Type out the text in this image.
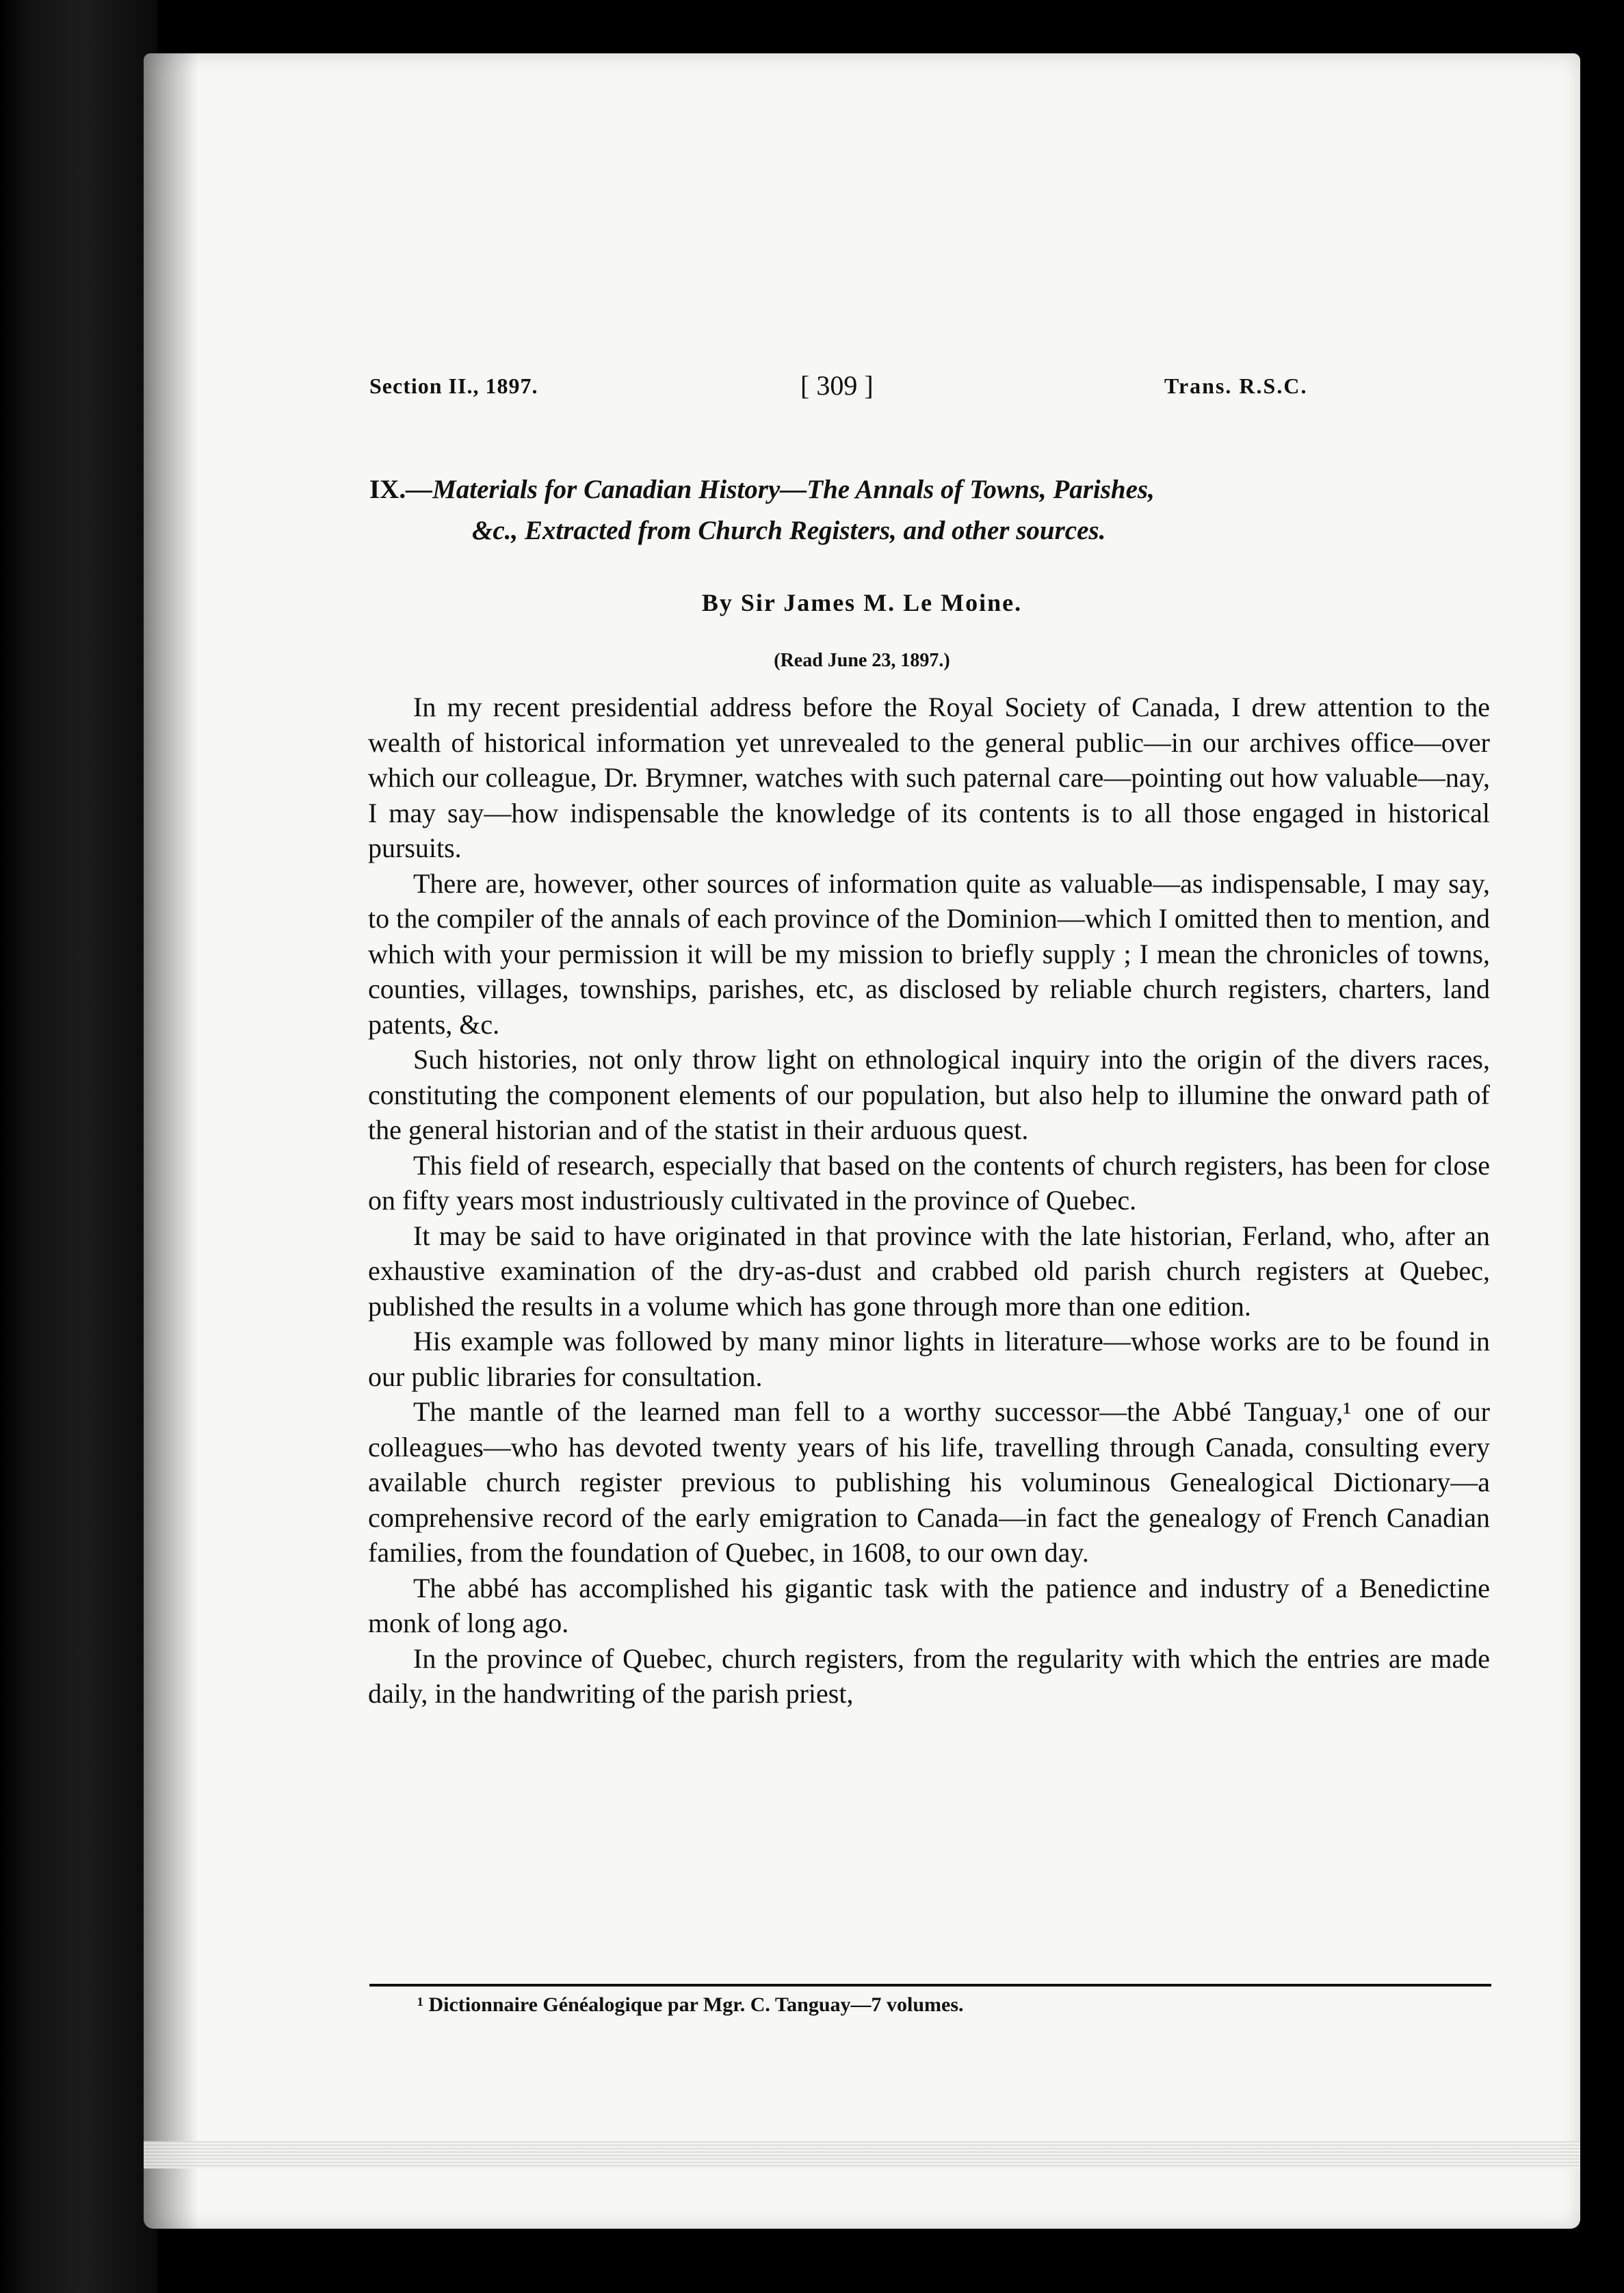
Section II., 1897.	[ 309 ]	Trans. R.S.C.
IX.—Materials for Canadian History—The Annals of Towns, Parishes,
&c., Extracted from Church Registers, and other sources.
By Sir James M. Le Moine.
(Read June 23, 1897.)

In my recent presidential address before the Royal Society of Canada, I drew attention to the wealth of historical information yet unrevealed to the general public—in our archives office—over which our colleague, Dr. Brymner, watches with such paternal care—pointing out how valuable—nay, I may say—how indispensable the knowledge of its contents is to all those engaged in historical pursuits.

There are, however, other sources of information quite as valuable—as indispensable, I may say, to the compiler of the annals of each province of the Dominion—which I omitted then to mention, and which with your permission it will be my mission to briefly supply ; I mean the chronicles of towns, counties, villages, townships, parishes, etc, as disclosed by reliable church registers, charters, land patents, &c.

Such histories, not only throw light on ethnological inquiry into the origin of the divers races, constituting the component elements of our population, but also help to illumine the onward path of the general historian and of the statist in their arduous quest.

This field of research, especially that based on the contents of church registers, has been for close on fifty years most industriously cultivated in the province of Quebec.

It may be said to have originated in that province with the late historian, Ferland, who, after an exhaustive examination of the dry-as-dust and crabbed old parish church registers at Quebec, published the results in a volume which has gone through more than one edition.

His example was followed by many minor lights in literature—whose works are to be found in our public libraries for consultation.

The mantle of the learned man fell to a worthy successor—the Abbé Tanguay,¹ one of our colleagues—who has devoted twenty years of his life, travelling through Canada, consulting every available church register previous to publishing his voluminous Genealogical Dictionary—a comprehensive record of the early emigration to Canada—in fact the genealogy of French Canadian families, from the foundation of Quebec, in 1608, to our own day.

The abbé has accomplished his gigantic task with the patience and industry of a Benedictine monk of long ago.

In the province of Quebec, church registers, from the regularity with which the entries are made daily, in the handwriting of the parish priest,

¹ Dictionnaire Généalogique par Mgr. C. Tanguay—7 volumes.
